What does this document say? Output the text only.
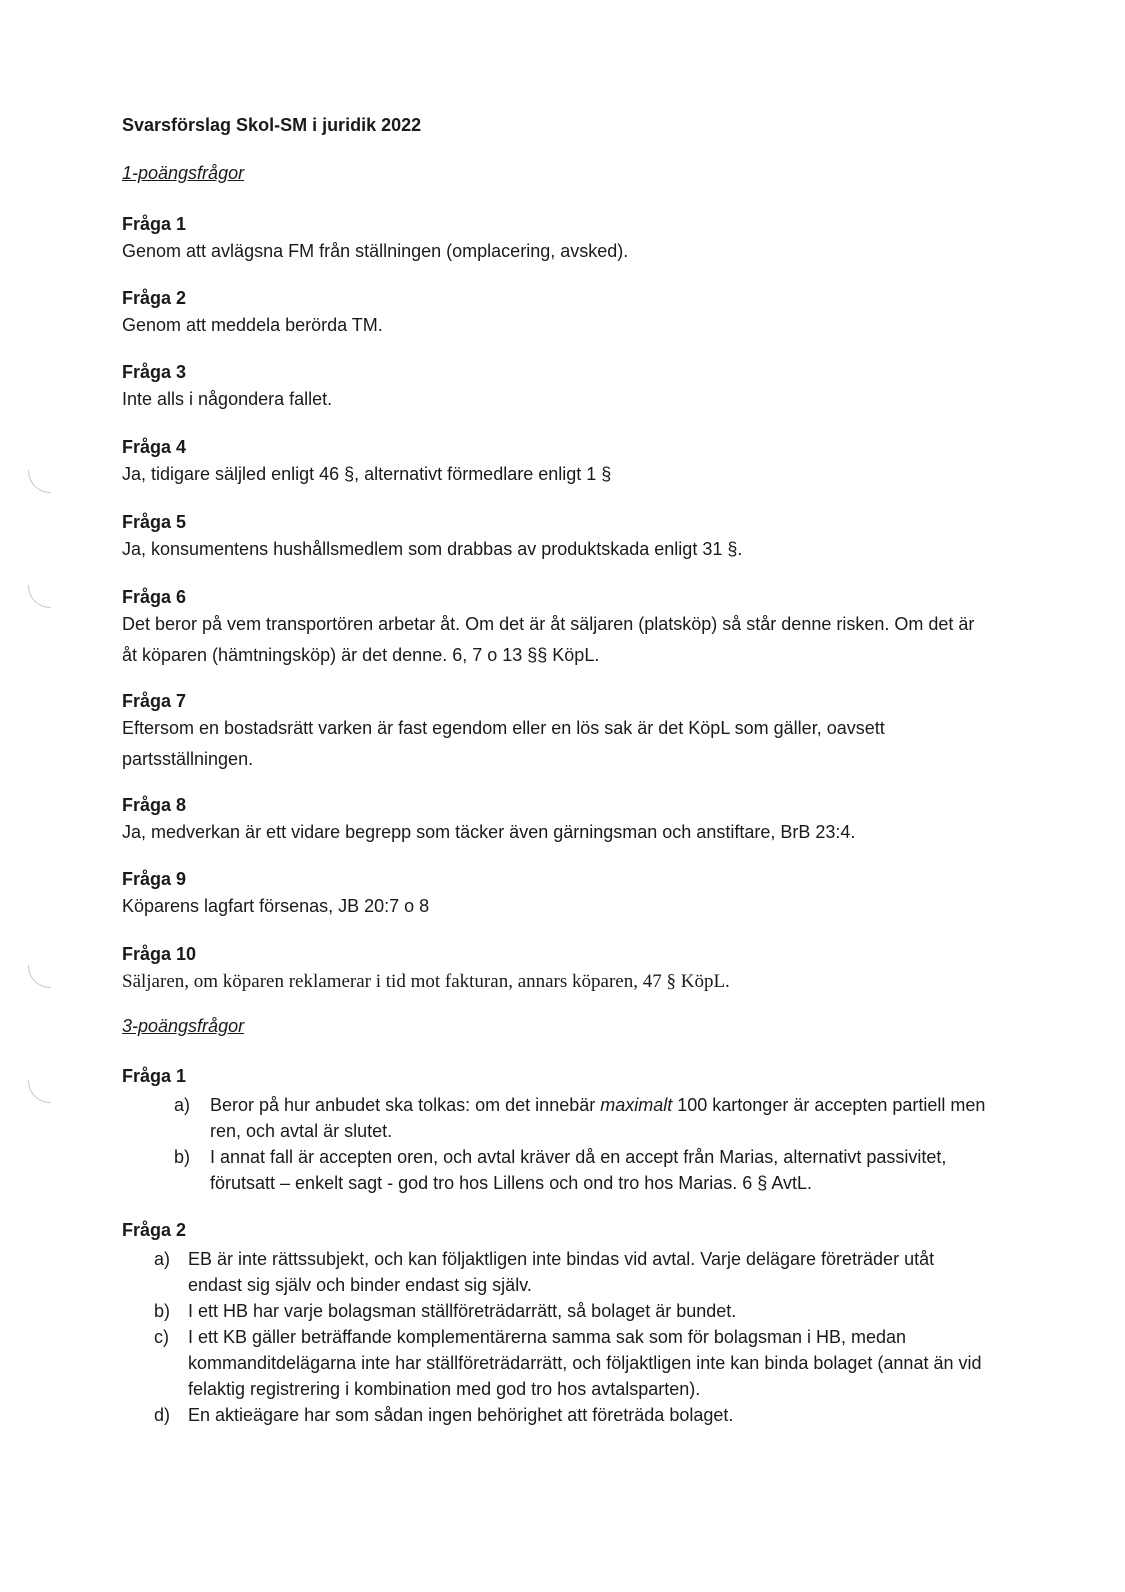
Svarsförslag Skol-SM i juridik 2022
1-poängsfrågor
Fråga 1
Genom att avlägsna FM från ställningen (omplacering, avsked).
Fråga 2
Genom att meddela berörda TM.
Fråga 3
Inte alls i någondera fallet.
Fråga 4
Ja, tidigare säljled enligt 46 §, alternativt förmedlare enligt 1 §
Fråga 5
Ja, konsumentens hushållsmedlem som drabbas av produktskada enligt 31 §.
Fråga 6
Det beror på vem transportören arbetar åt. Om det är åt säljaren (platsköp) så står denne risken. Om det är åt köparen (hämtningsköp) är det denne. 6, 7 o 13 §§ KöpL.
Fråga 7
Eftersom en bostadsrätt varken är fast egendom eller en lös sak är det KöpL som gäller, oavsett partsställningen.
Fråga 8
Ja, medverkan är ett vidare begrepp som täcker även gärningsman och anstiftare, BrB 23:4.
Fråga 9
Köparens lagfart försenas, JB 20:7 o 8
Fråga 10
Säljaren, om köparen reklamerar i tid mot fakturan, annars köparen, 47 § KöpL.
3-poängsfrågor
Fråga 1
a) Beror på hur anbudet ska tolkas: om det innebär maximalt 100 kartonger är accepten partiell men ren, och avtal är slutet.
b) I annat fall är accepten oren, och avtal kräver då en accept från Marias, alternativt passivitet, förutsatt – enkelt sagt - god tro hos Lillens och ond tro hos Marias. 6 § AvtL.
Fråga 2
a) EB är inte rättssubjekt, och kan följaktligen inte bindas vid avtal. Varje delägare företräder utåt endast sig själv och binder endast sig själv.
b) I ett HB har varje bolagsman ställföreträdarrätt, så bolaget är bundet.
c) I ett KB gäller beträffande komplementärerna samma sak som för bolagsman i HB, medan kommanditdelägarna inte har ställföreträdarrätt, och följaktligen inte kan binda bolaget (annat än vid felaktig registrering i kombination med god tro hos avtalsparten).
d) En aktieägare har som sådan ingen behörighet att företräda bolaget.
